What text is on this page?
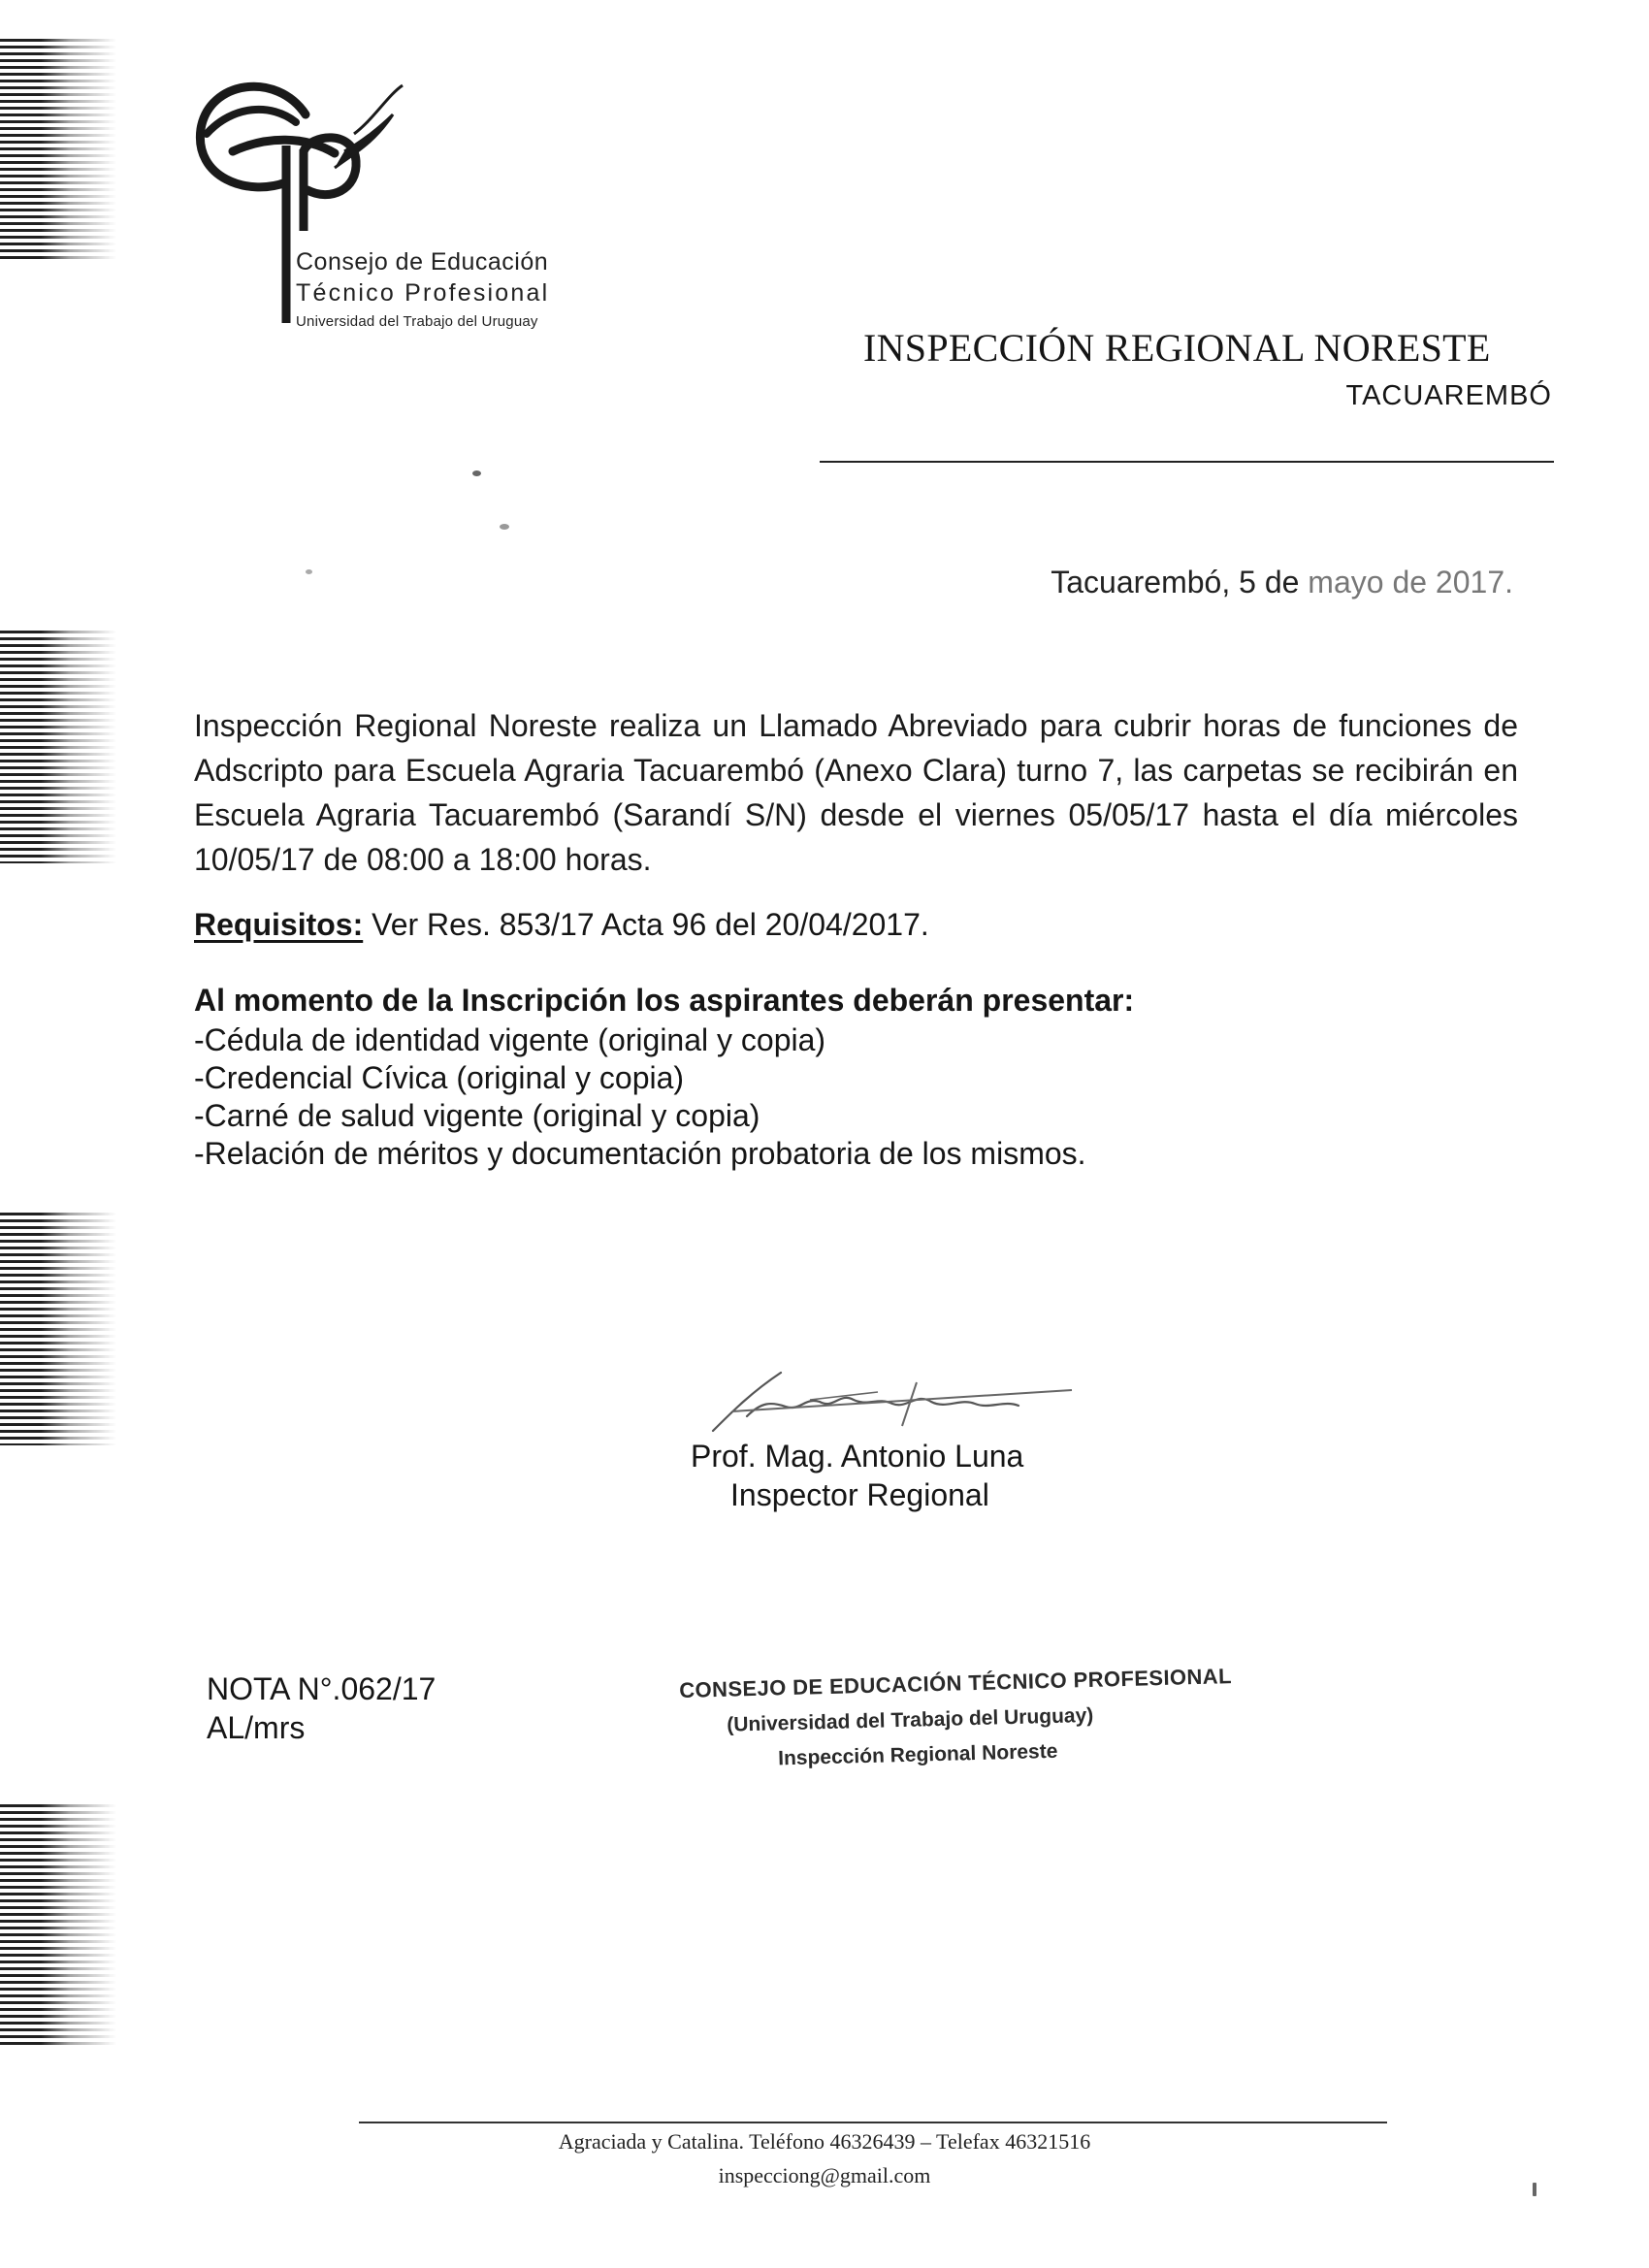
Consejo de Educación
Técnico Profesional
Universidad del Trabajo del Uruguay
INSPECCIÓN REGIONAL NORESTE
TACUAREMBÓ
Tacuarembó, 5 de mayo de 2017.
Inspección Regional Noreste realiza un Llamado Abreviado para cubrir horas de funciones de Adscripto para Escuela Agraria Tacuarembó (Anexo Clara) turno 7, las carpetas se recibirán en Escuela Agraria Tacuarembó (Sarandí S/N) desde el viernes 05/05/17 hasta el día miércoles 10/05/17 de 08:00 a 18:00 horas.
Requisitos: Ver Res. 853/17 Acta 96 del 20/04/2017.
Al momento de la Inscripción los aspirantes deberán presentar:
-Cédula de identidad vigente (original y copia)
-Credencial Cívica (original y copia)
-Carné de salud vigente (original y copia)
-Relación de méritos y documentación probatoria de los mismos.
Prof. Mag. Antonio Luna
Inspector Regional
NOTA N°.062/17
AL/mrs
CONSEJO DE EDUCACIÓN TÉCNICO PROFESIONAL
(Universidad del Trabajo del Uruguay)
Inspección Regional Noreste
Agraciada y Catalina. Teléfono 46326439 – Telefax 46321516
inspecciong@gmail.com
